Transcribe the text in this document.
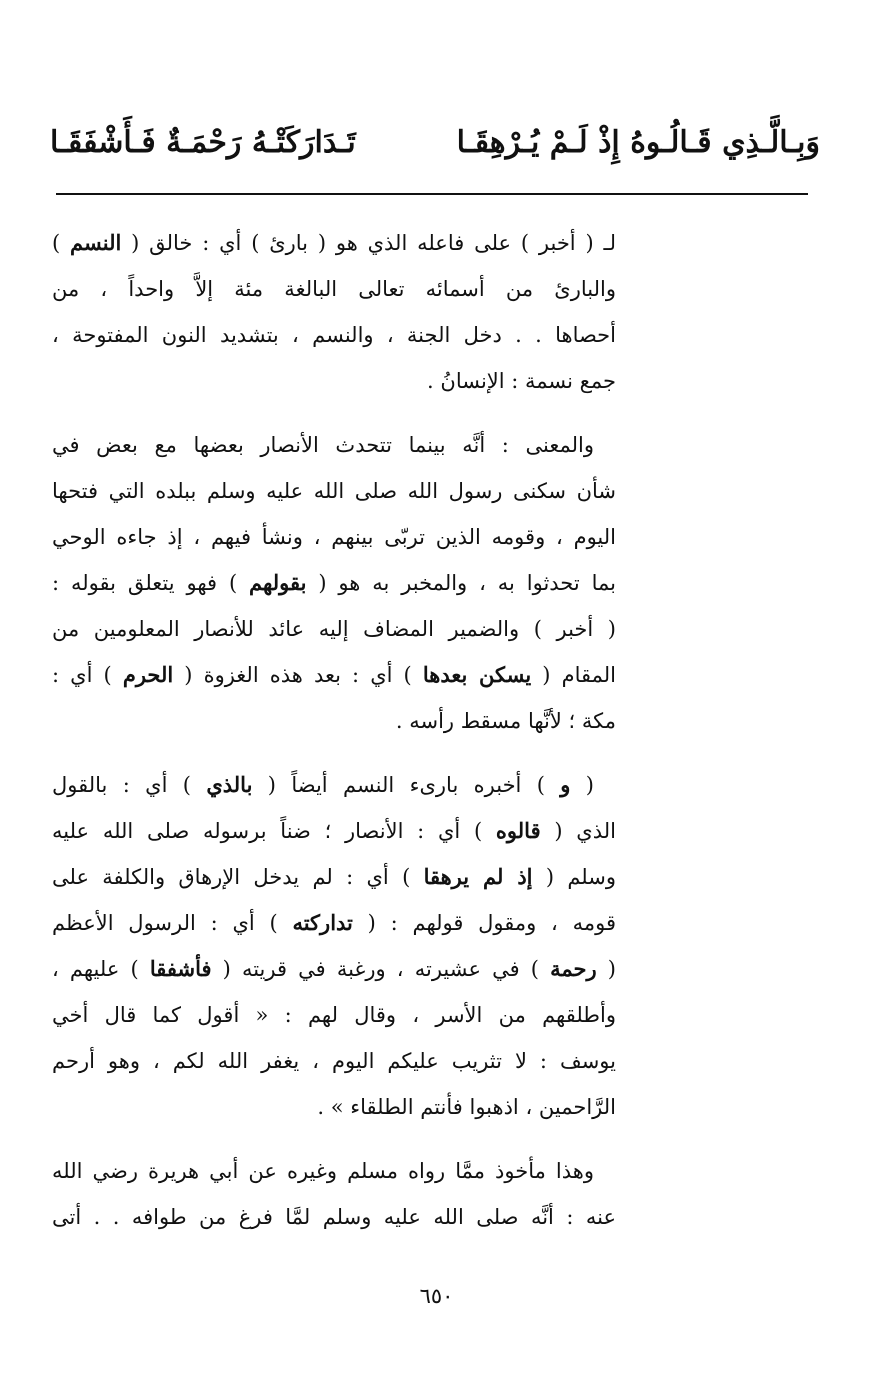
وَبِـالَّـذِي قَـالُـوهُ إِذْ لَـمْ يُـرْهِقَـا
تَـدَارَكَتْـهُ رَحْمَـةٌ فَـأَشْفَقَـا

لـ ( أخبر ) على فاعله الذي هو ( بارئ ) أي : خالق ( النسم )
والبارئ من أسمائه تعالى البالغة مئة إلاَّ واحداً ، من
أحصاها . . دخل الجنة ، والنسم ، بتشديد النون المفتوحة ،
جمع نسمة : الإنسانُ .

والمعنى : أنَّه بينما تتحدث الأنصار بعضها مع بعض في
شأن سكنى رسول الله صلى الله عليه وسلم ببلده التي فتحها
اليوم ، وقومه الذين تربّى بينهم ، ونشأ فيهم ، إذ جاءه الوحي
بما تحدثوا به ، والمخبر به هو ( بقولهم ) فهو يتعلق بقوله :
( أخبر ) والضمير المضاف إليه عائد للأنصار المعلومين من
المقام ( يسكن بعدها ) أي : بعد هذه الغزوة ( الحرم ) أي :
مكة ؛ لأنَّها مسقط رأسه .

( و ) أخبره بارىء النسم أيضاً ( بالذي ) أي : بالقول
الذي ( قالوه ) أي : الأنصار ؛ ضناً برسوله صلى الله عليه
وسلم ( إذ لم يرهقا ) أي : لم يدخل الإرهاق والكلفة على
قومه ، ومقول قولهم : ( تداركته ) أي : الرسول الأعظم
( رحمة ) في عشيرته ، ورغبة في قريته ( فأشفقا ) عليهم ،
وأطلقهم من الأسر ، وقال لهم : « أقول كما قال أخي
يوسف : لا تثريب عليكم اليوم ، يغفر الله لكم ، وهو أرحم
الرَّاحمين ، اذهبوا فأنتم الطلقاء » .

وهذا مأخوذ ممَّا رواه مسلم وغيره عن أبي هريرة رضي الله
عنه : أنَّه صلى الله عليه وسلم لمَّا فرغ من طوافه . . أتى

٦٥٠
